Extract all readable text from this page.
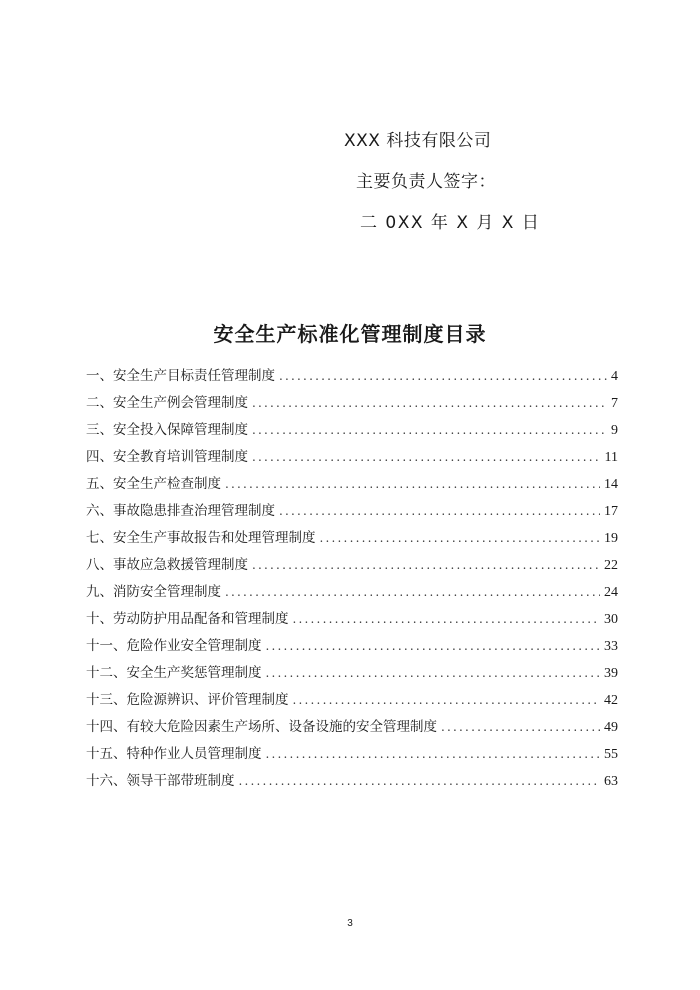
XXX 科技有限公司
主要负责人签字：
二 0XX 年 X 月 X 日
安全生产标准化管理制度目录
一、安全生产目标责任管理制度 .....	4
二、安全生产例会管理制度 .....	7
三、安全投入保障管理制度 .....	9
四、安全教育培训管理制度 .....	11
五、安全生产检查制度 .....	14
六、事故隐患排查治理管理制度 .....	17
七、安全生产事故报告和处理管理制度 .....	19
八、事故应急救援管理制度 .....	22
九、消防安全管理制度 .....	24
十、劳动防护用品配备和管理制度 .....	30
十一、危险作业安全管理制度 .....	33
十二、安全生产奖惩管理制度 .....	39
十三、危险源辨识、评价管理制度 .....	42
十四、有较大危险因素生产场所、设备设施的安全管理制度 .....	49
十五、特种作业人员管理制度 .....	55
十六、领导干部带班制度 .....	63
3
